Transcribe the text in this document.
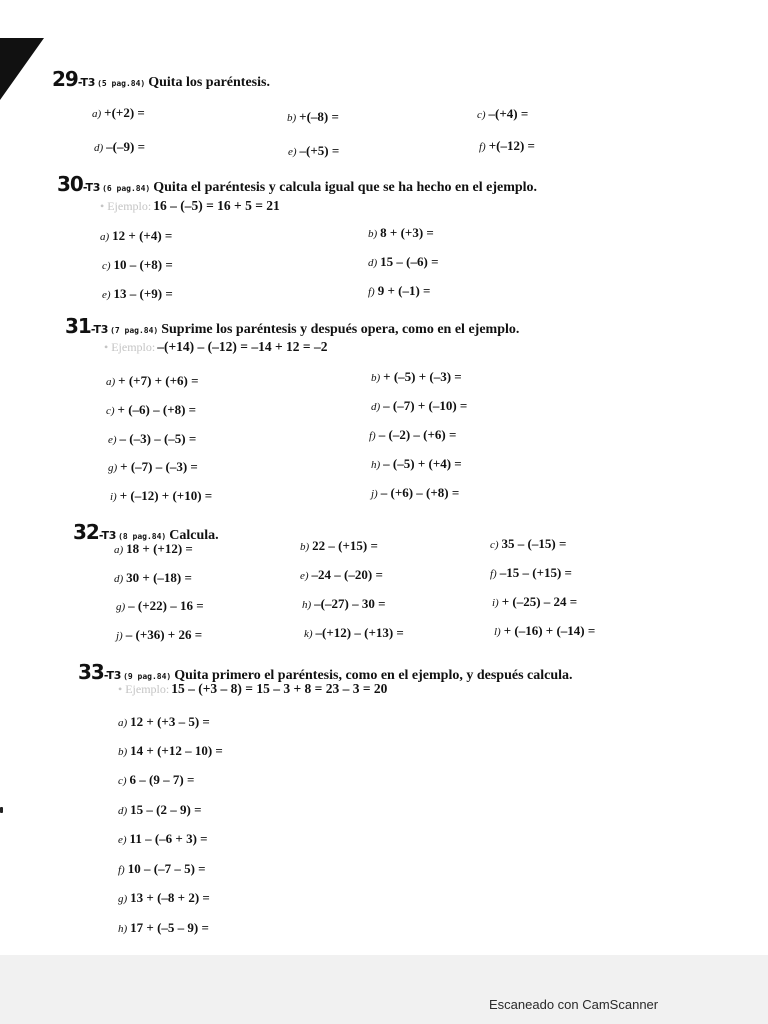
29-T3 (5 pag.84) Quita los paréntesis.
a) +(+2) =	b) +(–8) =	c) –(+4) =
d) –(–9) =	e) –(+5) =	f) +(–12) =
30-T3 (6 pag.84) Quita el paréntesis y calcula igual que se ha hecho en el ejemplo.
• Ejemplo: 16 – (–5) = 16 + 5 = 21
a) 12 + (+4) =	b) 8 + (+3) =
c) 10 – (+8) =	d) 15 – (–6) =
e) 13 – (+9) =	f) 9 + (–1) =
31-T3 (7 pag.84) Suprime los paréntesis y después opera, como en el ejemplo.
• Ejemplo: –(+14) – (–12) = –14 + 12 = –2
a) + (+7) + (+6) =	b) + (–5) + (–3) =
c) + (–6) – (+8) =	d) – (–7) + (–10) =
e) – (–3) – (–5) =	f) – (–2) – (+6) =
g) + (–7) – (–3) =	h) – (–5) + (+4) =
i) + (–12) + (+10) =	j) – (+6) – (+8) =
32-T3 (8 pag.84) Calcula.
a) 18 + (+12) =	b) 22 – (+15) =	c) 35 – (–15) =
d) 30 + (–18) =	e) –24 – (–20) =	f) –15 – (+15) =
g) – (+22) – 16 =	h) –(–27) – 30 =	i) + (–25) – 24 =
j) – (+36) + 26 =	k) –(+12) – (+13) =	l) + (–16) + (–14) =
33-T3 (9 pag.84) Quita primero el paréntesis, como en el ejemplo, y después calcula.
• Ejemplo: 15 – (+3 – 8) = 15 – 3 + 8 = 23 – 3 = 20
a) 12 + (+3 – 5) =
b) 14 + (+12 – 10) =
c) 6 – (9 – 7) =
d) 15 – (2 – 9) =
e) 11 – (–6 + 3) =
f) 10 – (–7 – 5) =
g) 13 + (–8 + 2) =
h) 17 + (–5 – 9) =
Escaneado con CamScanner
